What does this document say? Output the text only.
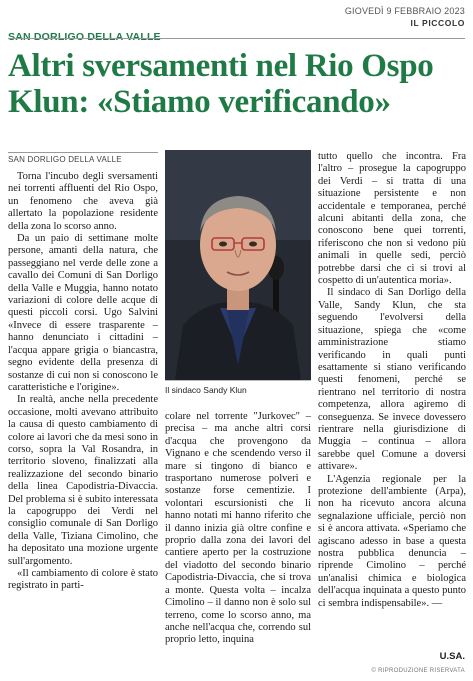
GIOVEDÌ 9 FEBBRAIO 2023
IL PICCOLO
SAN DORLIGO DELLA VALLE
Altri sversamenti nel Rio Ospo
Klun: «Stiamo verificando»
SAN DORLIGO DELLA VALLE

Torna l'incubo degli sversamenti nei torrenti affluenti del Rio Ospo, un fenomeno che aveva già allertato la popolazione residente della zona lo scorso anno.

Da un paio di settimane molte persone, amanti della natura, che passeggiano nel verde delle zone a cavallo dei Comuni di San Dorligo della Valle e Muggia, hanno notato variazioni di colore delle acque di questi piccoli corsi. Ugo Salvini «Invece di essere trasparente – hanno denunciato i cittadini – l'acqua appare grigia o biancastra, segno evidente della presenza di sostanze di cui non si conoscono le caratteristiche e l'origine».

In realtà, anche nella precedente occasione, molti avevano attribuito la causa di questo cambiamento di colore ai lavori che da mesi sono in corso, sopra la Val Rosandra, in territorio sloveno, finalizzati alla realizzazione del secondo binario della linea Capodistria-Divaccia. Del problema si è subito interessata la capogruppo dei Verdi nel consiglio comunale di San Dorligo della Valle, Tiziana Cimolino, che ha depositato una mozione urgente sull'argomento.

«Il cambiamento di colore è stato registrato in parti-

Il sindaco Sandy Klun

colare nel torrente "Jurkovec" – precisa – ma anche altri corsi d'acqua che provengono da Vignano e che scendendo verso il mare si tingono di bianco e trasportano numerose polveri e sostanze forse cementizie. I volontari escursionisti che li hanno notati mi hanno riferito che il danno inizia già oltre confine e proprio dalla zona dei lavori del cantiere aperto per la costruzione del viadotto del secondo binario Capodistria-Divaccia, che si trova a monte. Questa volta – incalza Cimolino – il danno non è solo sul terreno, come lo scorso anno, ma anche nell'acqua che, correndo sul proprio letto, inquina

tutto quello che incontra. Fra l'altro – prosegue la capogruppo dei Verdi – si tratta di una situazione persistente e non accidentale e temporanea, perché alcuni abitanti della zona, che conoscono bene quei torrenti, riferiscono che non si vedono più animali in quelle sedi, perciò potrebbe darsi che ci si trovi al cospetto di un'autentica moria».

Il sindaco di San Dorligo della Valle, Sandy Klun, che sta seguendo l'evolversi della situazione, spiega che «come amministrazione stiamo verificando in quali punti esattamente si stiano verificando questi fenomeni, perché se rientrano nel territorio di nostra competenza, allora agiremo di conseguenza. Se invece dovessero rientrare nella giurisdizione di Muggia – continua – allora sarebbe quel Comune a doversi attivare».

L'Agenzia regionale per la protezione dell'ambiente (Arpa), non ha ricevuto ancora alcuna segnalazione ufficiale, perciò non si è ancora attivata. «Speriamo che agiscano adesso in base a questa nostra pubblica denuncia – riprende Cimolino – perché un'analisi chimica e biologica dell'acqua inquinata a questo punto ci sembra indispensabile». —

U.SA.
© RIPRODUZIONE RISERVATA
